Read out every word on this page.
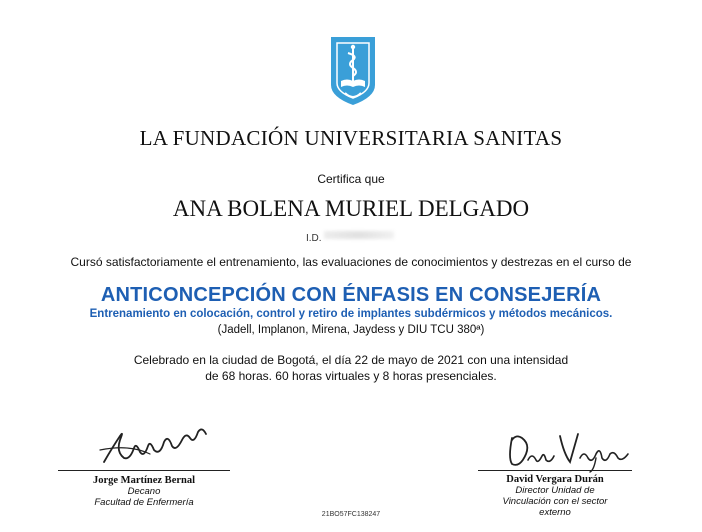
LA FUNDACIÓN UNIVERSITARIA SANITAS
Certifica que
ANA BOLENA MURIEL DELGADO
I.D.
Cursó satisfactoriamente el entrenamiento, las evaluaciones de conocimientos y destrezas en el curso de
ANTICONCEPCIÓN CON ÉNFASIS EN CONSEJERÍA
Entrenamiento en colocación, control y retiro de implantes subdérmicos y métodos mecánicos.
(Jadell, Implanon, Mirena, Jaydess y DIU TCU 380ª)
Celebrado en la ciudad de Bogotá, el día 22 de mayo de 2021 con una intensidad
de 68 horas. 60 horas virtuales y 8 horas presenciales.
Jorge Martínez Bernal
Decano
Facultad de Enfermería
David Vergara Durán
Director Unidad de
Vinculación con el sector
externo
21BO57FC138247
